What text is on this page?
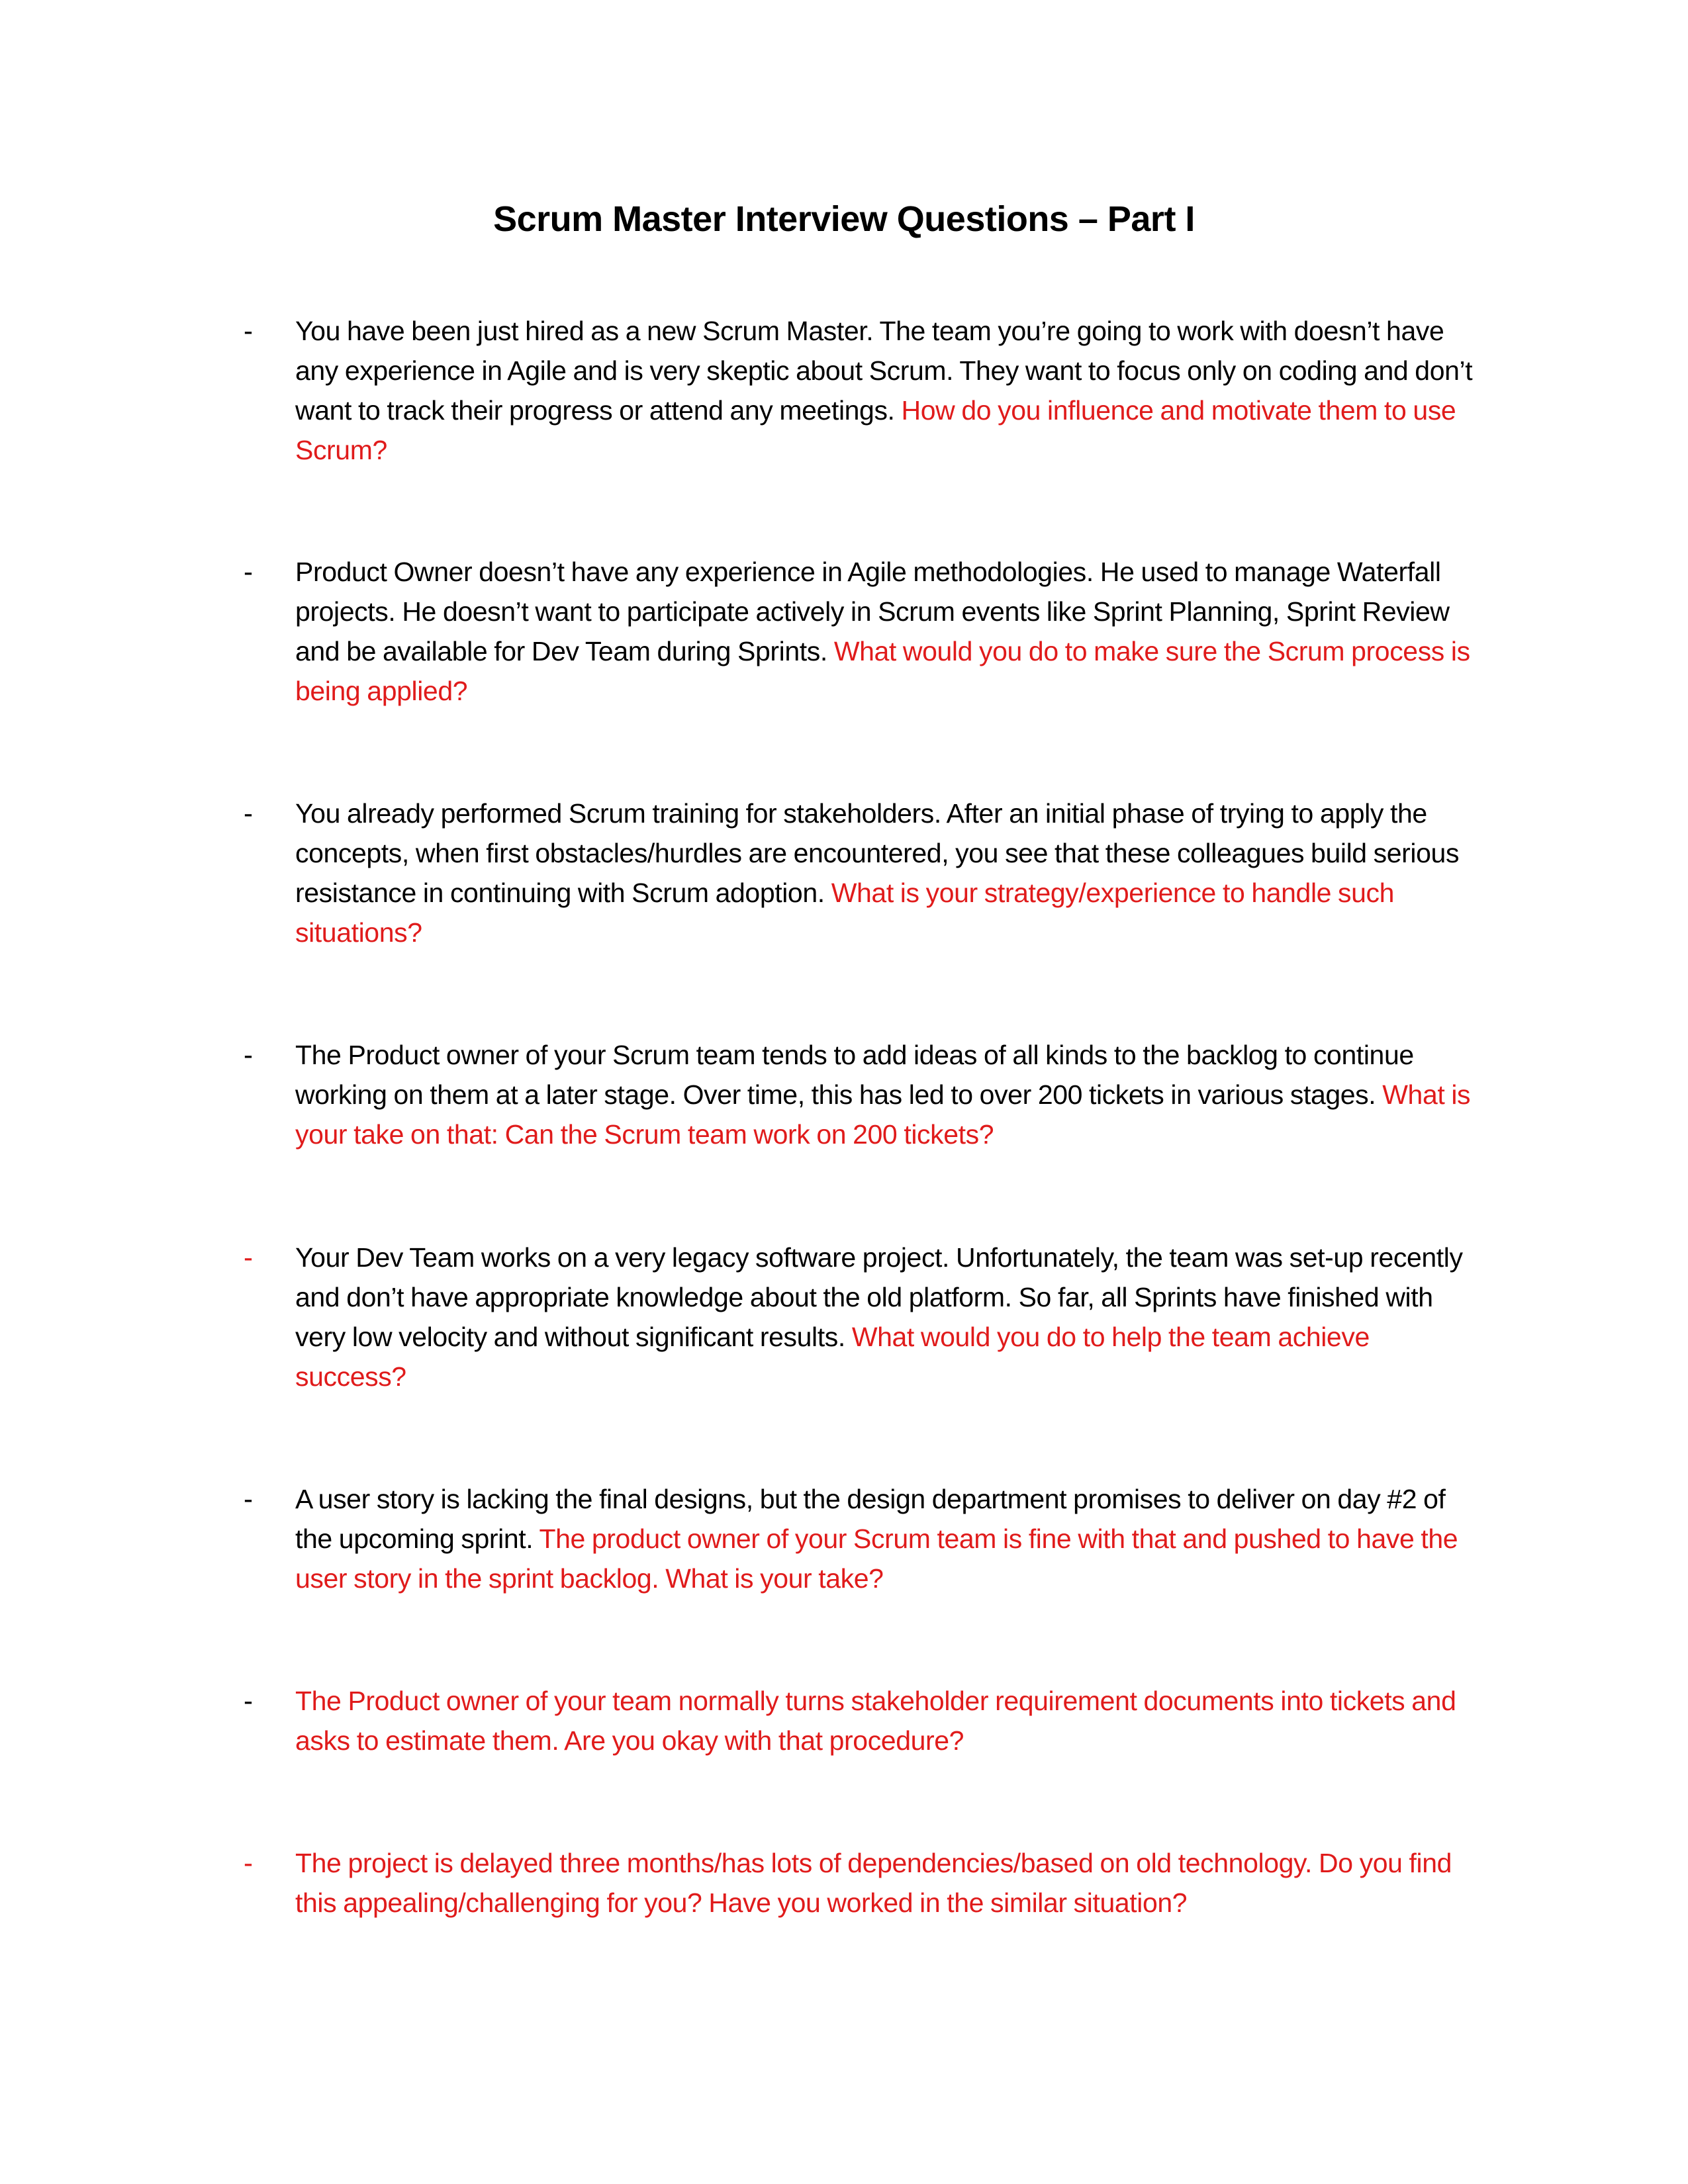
Scrum Master Interview Questions – Part I
- You have been just hired as a new Scrum Master. The team you’re going to work with doesn’t have any experience in Agile and is very skeptic about Scrum. They want to focus only on coding and don’t want to track their progress or attend any meetings. How do you influence and motivate them to use Scrum?

- Product Owner doesn’t have any experience in Agile methodologies. He used to manage Waterfall projects. He doesn’t want to participate actively in Scrum events like Sprint Planning, Sprint Review and be available for Dev Team during Sprints. What would you do to make sure the Scrum process is being applied?

- You already performed Scrum training for stakeholders. After an initial phase of trying to apply the concepts, when first obstacles/hurdles are encountered, you see that these colleagues build serious resistance in continuing with Scrum adoption. What is your strategy/experience to handle such situations?

- The Product owner of your Scrum team tends to add ideas of all kinds to the backlog to continue working on them at a later stage. Over time, this has led to over 200 tickets in various stages. What is your take on that: Can the Scrum team work on 200 tickets?

- Your Dev Team works on a very legacy software project. Unfortunately, the team was set-up recently and don’t have appropriate knowledge about the old platform. So far, all Sprints have finished with very low velocity and without significant results. What would you do to help the team achieve success?

- A user story is lacking the final designs, but the design department promises to deliver on day #2 of the upcoming sprint. The product owner of your Scrum team is fine with that and pushed to have the user story in the sprint backlog. What is your take?

- The Product owner of your team normally turns stakeholder requirement documents into tickets and asks to estimate them. Are you okay with that procedure?

- The project is delayed three months/has lots of dependencies/based on old technology. Do you find this appealing/challenging for you? Have you worked in the similar situation?
